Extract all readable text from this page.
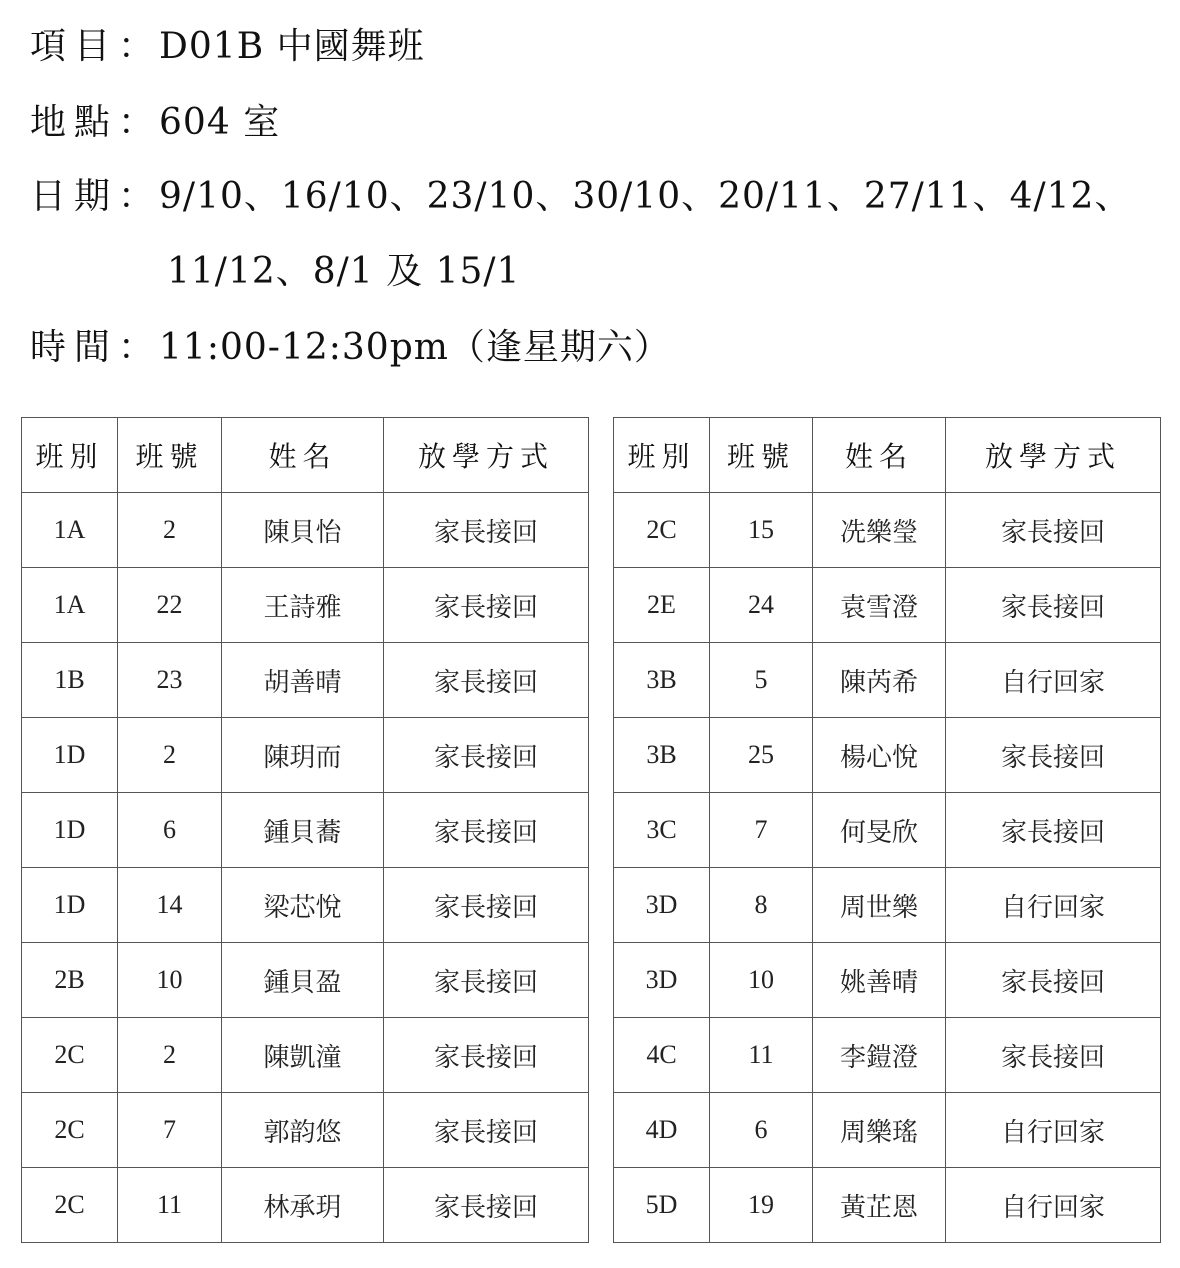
項目 ： D01B 中國舞班
地點 ： 604 室
日期 ： 9/10、16/10、23/10、30/10、20/11、27/11、4/12、
11/12、8/1 及 15/1
時間 ： 11:00-12:30pm（逢星期六）
班別	班號	姓名	放學方式
1A	2	陳貝怡	家長接回
1A	22	王詩雅	家長接回
1B	23	胡善晴	家長接回
1D	2	陳玥而	家長接回
1D	6	鍾貝蕎	家長接回
1D	14	梁芯悅	家長接回
2B	10	鍾貝盈	家長接回
2C	2	陳凱潼	家長接回
2C	7	郭韵悠	家長接回
2C	11	林承玥	家長接回
班別	班號	姓名	放學方式
2C	15	冼樂瑩	家長接回
2E	24	袁雪澄	家長接回
3B	5	陳芮希	自行回家
3B	25	楊心悅	家長接回
3C	7	何旻欣	家長接回
3D	8	周世樂	自行回家
3D	10	姚善晴	家長接回
4C	11	李鎧澄	家長接回
4D	6	周樂瑤	自行回家
5D	19	黃芷恩	自行回家
